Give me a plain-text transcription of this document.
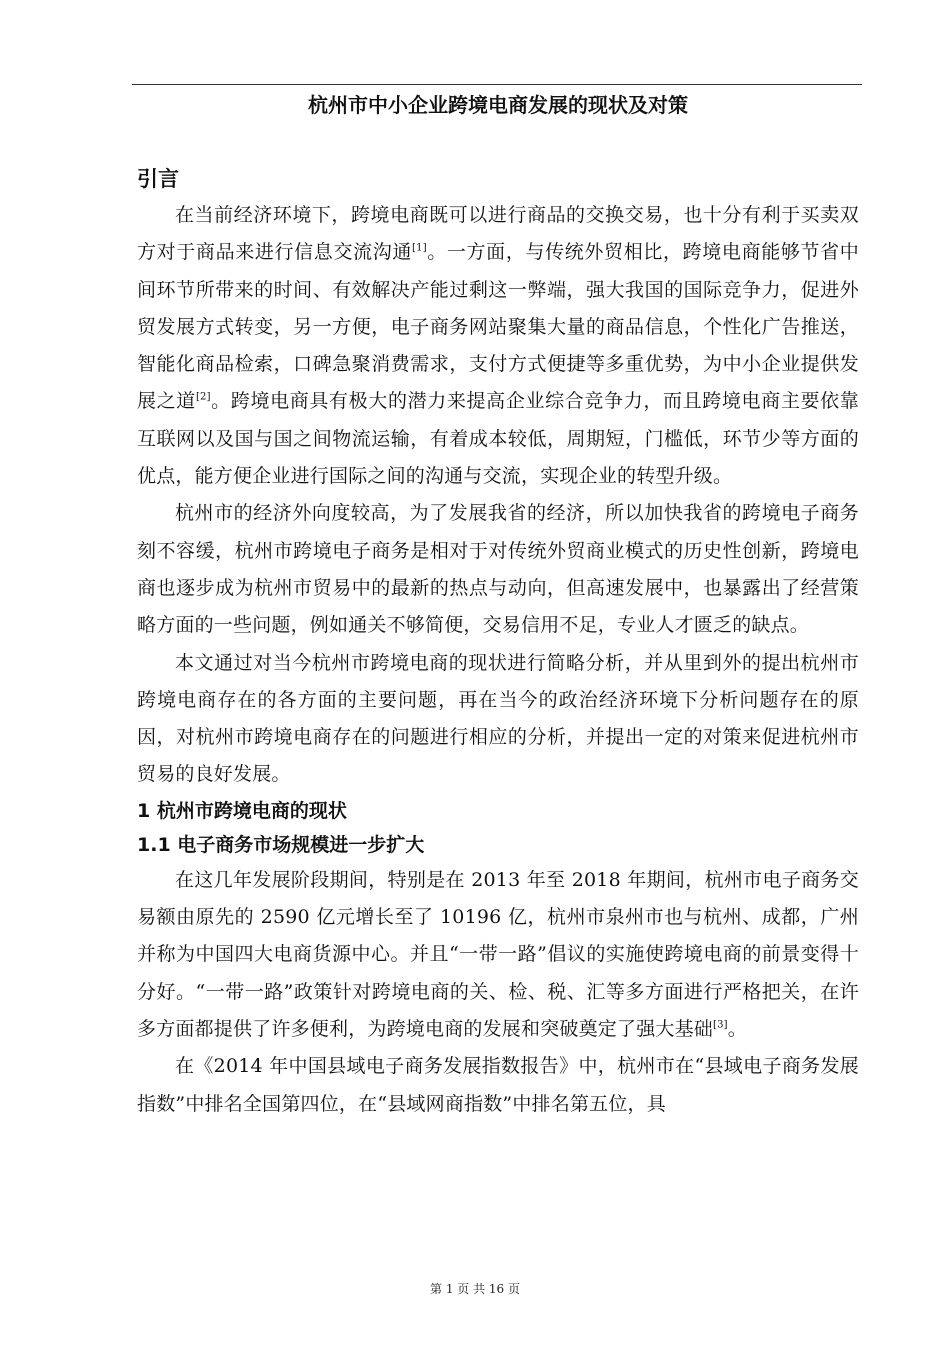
杭州市中小企业跨境电商发展的现状及对策
引言

在当前经济环境下，跨境电商既可以进行商品的交换交易，也十分有利于买卖双方对于商品来进行信息交流沟通[1]。一方面，与传统外贸相比，跨境电商能够节省中间环节所带来的时间、有效解决产能过剩这一弊端，强大我国的国际竞争力，促进外贸发展方式转变，另一方便，电子商务网站聚集大量的商品信息，个性化广告推送，智能化商品检索，口碑急聚消费需求，支付方式便捷等多重优势，为中小企业提供发展之道[2]。跨境电商具有极大的潜力来提高企业综合竞争力，而且跨境电商主要依靠互联网以及国与国之间物流运输，有着成本较低，周期短，门槛低，环节少等方面的优点，能方便企业进行国际之间的沟通与交流，实现企业的转型升级。

杭州市的经济外向度较高，为了发展我省的经济，所以加快我省的跨境电子商务刻不容缓，杭州市跨境电子商务是相对于对传统外贸商业模式的历史性创新，跨境电商也逐步成为杭州市贸易中的最新的热点与动向，但高速发展中，也暴露出了经营策略方面的一些问题，例如通关不够简便，交易信用不足，专业人才匮乏的缺点。

本文通过对当今杭州市跨境电商的现状进行简略分析，并从里到外的提出杭州市跨境电商存在的各方面的主要问题，再在当今的政治经济环境下分析问题存在的原因，对杭州市跨境电商存在的问题进行相应的分析，并提出一定的对策来促进杭州市贸易的良好发展。

1 杭州市跨境电商的现状
1.1 电子商务市场规模进一步扩大

在这几年发展阶段期间，特别是在 2013 年至 2018 年期间，杭州市电子商务交易额由原先的 2590 亿元增长至了 10196 亿，杭州市泉州市也与杭州、成都，广州并称为中国四大电商货源中心。并且“一带一路”倡议的实施使跨境电商的前景变得十分好。“一带一路”政策针对跨境电商的关、检、税、汇等多方面进行严格把关，在许多方面都提供了许多便利，为跨境电商的发展和突破奠定了强大基础[3]。

在《2014 年中国县域电子商务发展指数报告》中，杭州市在“县域电子商务发展指数”中排名全国第四位，在“县域网商指数”中排名第五位，具

第 1 页 共 16 页
